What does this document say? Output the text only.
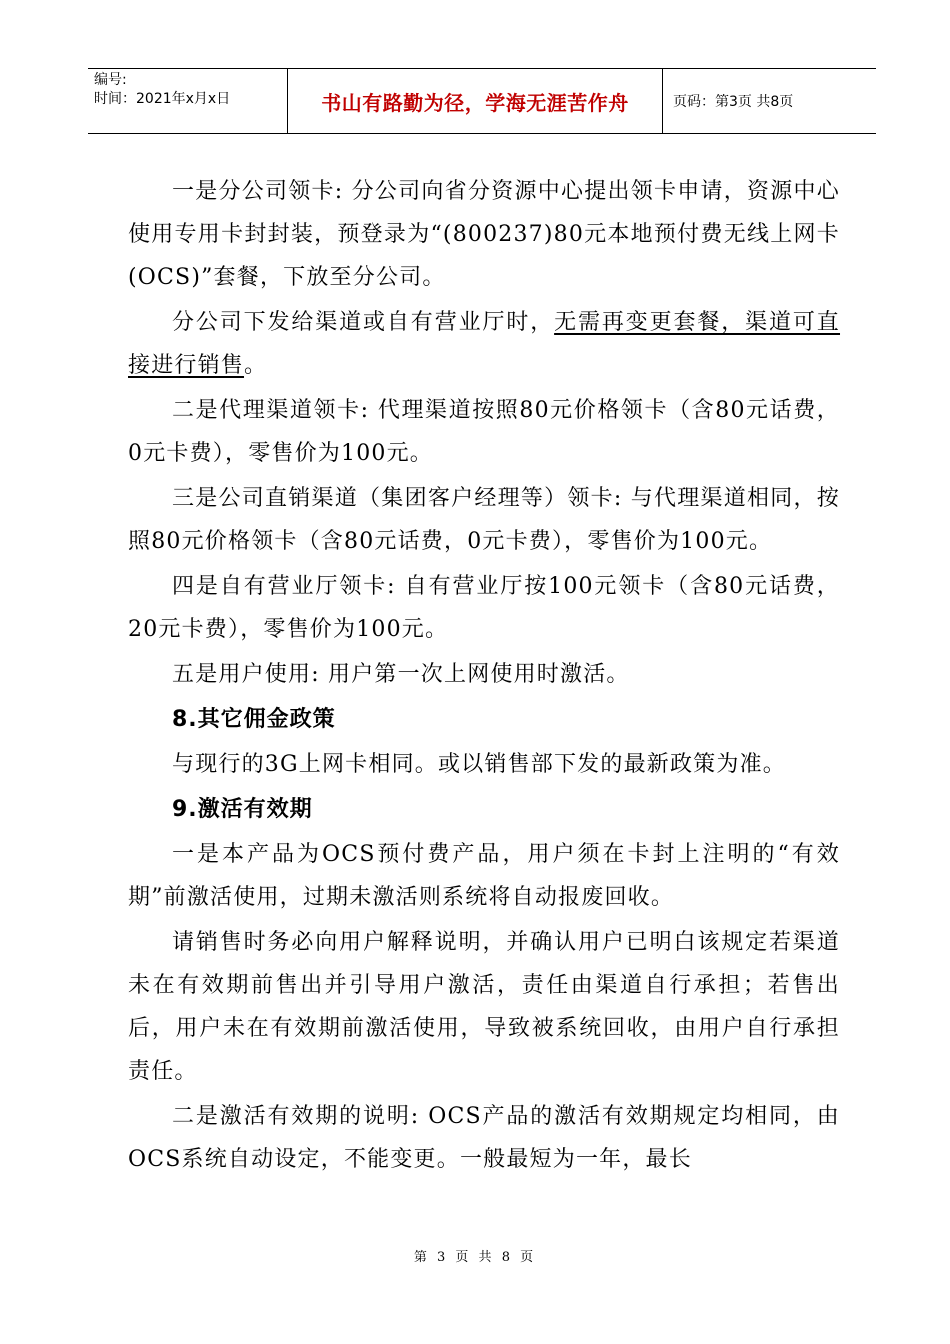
编号:
时间：2021年x月x日	书山有路勤为径，学海无涯苦作舟	页码：第3页 共8页

一是分公司领卡: 分公司向省分资源中心提出领卡申请，资源中心使用专用卡封封装，预登录为“(800237)80元本地预付费无线上网卡(OCS)”套餐，下放至分公司。

分公司下发给渠道或自有营业厅时，无需再变更套餐，渠道可直接进行销售。

二是代理渠道领卡: 代理渠道按照80元价格领卡（含80元话费，0元卡费），零售价为100元。

三是公司直销渠道（集团客户经理等）领卡: 与代理渠道相同，按照80元价格领卡（含80元话费，0元卡费），零售价为100元。

四是自有营业厅领卡: 自有营业厅按100元领卡（含80元话费，20元卡费），零售价为100元。

五是用户使用: 用户第一次上网使用时激活。

8.其它佣金政策

与现行的3G上网卡相同。或以销售部下发的最新政策为准。

9.激活有效期

一是本产品为OCS预付费产品，用户须在卡封上注明的“有效期”前激活使用，过期未激活则系统将自动报废回收。

请销售时务必向用户解释说明，并确认用户已明白该规定若渠道未在有效期前售出并引导用户激活，责任由渠道自行承担；若售出后，用户未在有效期前激活使用，导致被系统回收，由用户自行承担责任。

二是激活有效期的说明: OCS产品的激活有效期规定均相同，由OCS系统自动设定，不能变更。一般最短为一年，最长

第 3 页 共 8 页
